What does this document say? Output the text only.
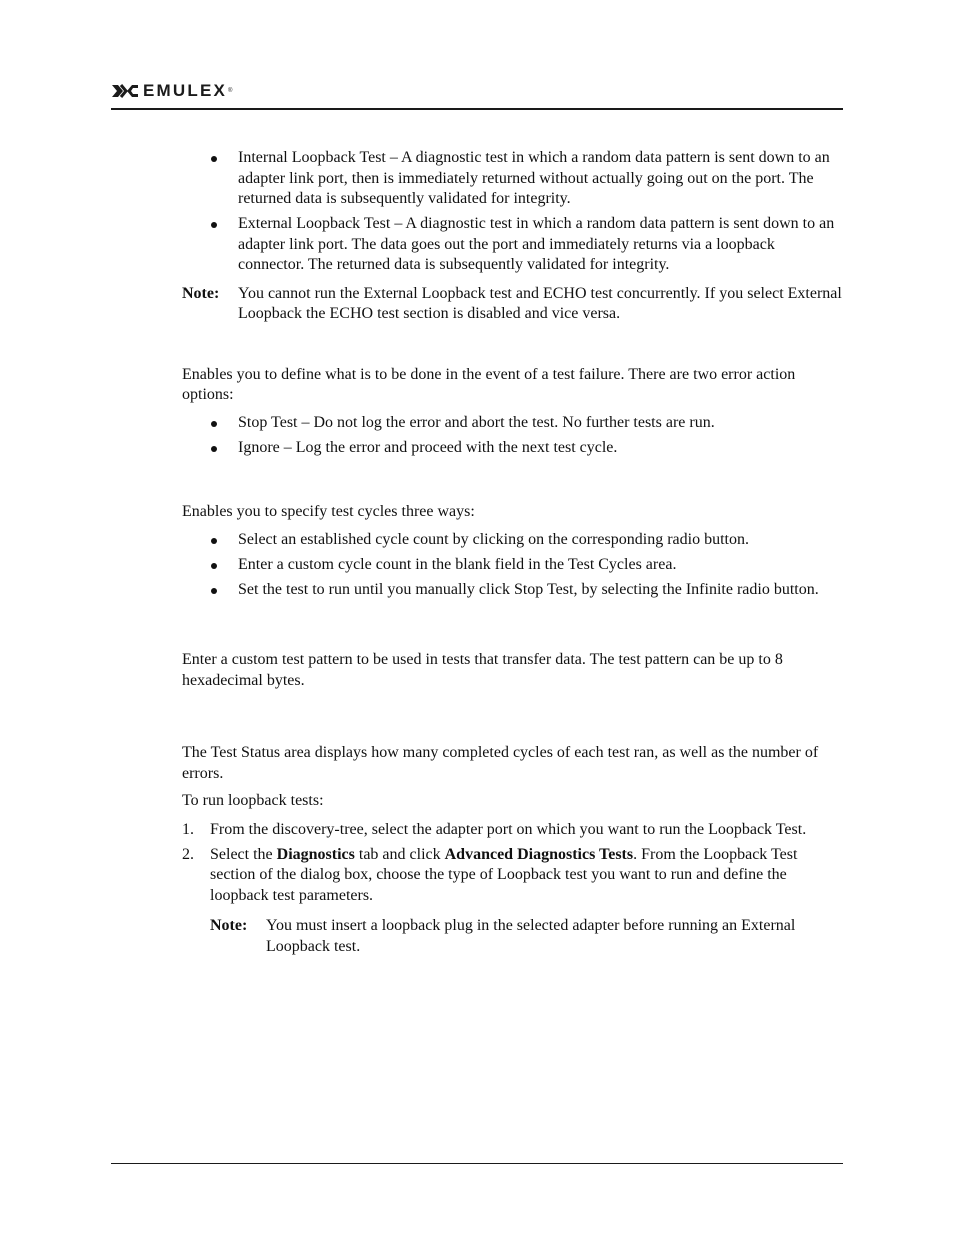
EMULEX ®
Internal Loopback Test – A diagnostic test in which a random data pattern is sent down to an adapter link port, then is immediately returned without actually going out on the port. The returned data is subsequently validated for integrity.
External Loopback Test – A diagnostic test in which a random data pattern is sent down to an adapter link port. The data goes out the port and immediately returns via a loopback connector. The returned data is subsequently validated for integrity.
Note:	You cannot run the External Loopback test and ECHO test concurrently. If you select External Loopback the ECHO test section is disabled and vice versa.

Enables you to define what is to be done in the event of a test failure. There are two error action options:

Stop Test – Do not log the error and abort the test. No further tests are run.
Ignore – Log the error and proceed with the next test cycle.

Enables you to specify test cycles three ways:

Select an established cycle count by clicking on the corresponding radio button.
Enter a custom cycle count in the blank field in the Test Cycles area.
Set the test to run until you manually click Stop Test, by selecting the Infinite radio button.

Enter a custom test pattern to be used in tests that transfer data. The test pattern can be up to 8 hexadecimal bytes.

The Test Status area displays how many completed cycles of each test ran, as well as the number of errors.

To run loopback tests:

1. From the discovery-tree, select the adapter port on which you want to run the Loopback Test.
2. Select the Diagnostics tab and click Advanced Diagnostics Tests. From the Loopback Test section of the dialog box, choose the type of Loopback test you want to run and define the loopback test parameters.
Note:	You must insert a loopback plug in the selected adapter before running an External Loopback test.
